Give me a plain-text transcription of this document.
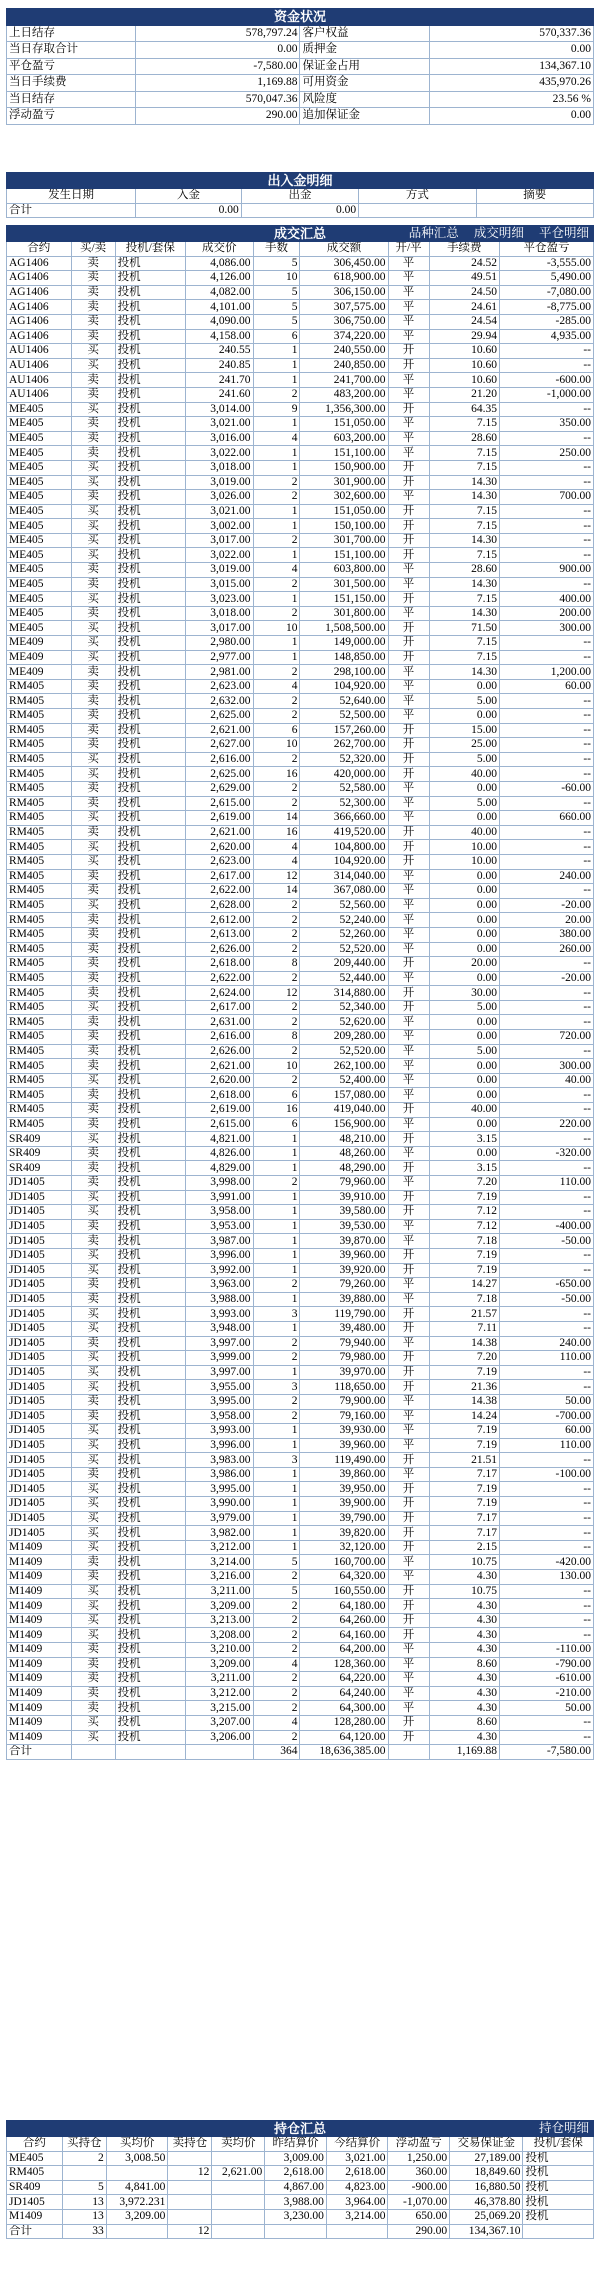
资金状况			
上日结存	578,797.24	客户权益	570,337.36
当日存取合计	0.00	质押金	0.00
平仓盈亏	-7,580.00	保证金占用	134,367.10
当日手续费	1,169.88	可用资金	435,970.26
当日结存	570,047.36	风险度	23.56 %
浮动盈亏	290.00	追加保证金	0.00
出入金明细				
发生日期	入金	出金	方式	摘要
合计	0.00	0.00		
成交汇总 品种汇总 成交明细 平仓明细								

合约	买/卖	投机/套保	成交价	手数	成交额	开/平	手续费	平仓盈亏
AG1406	卖	投机	4,086.00	5	306,450.00	平	24.52	-3,555.00
AG1406	卖	投机	4,126.00	10	618,900.00	平	49.51	5,490.00
AG1406	卖	投机	4,082.00	5	306,150.00	平	24.50	-7,080.00
AG1406	卖	投机	4,101.00	5	307,575.00	平	24.61	-8,775.00
AG1406	卖	投机	4,090.00	5	306,750.00	平	24.54	-285.00
AG1406	卖	投机	4,158.00	6	374,220.00	平	29.94	4,935.00
AU1406	买	投机	240.55	1	240,550.00	开	10.60	--
AU1406	买	投机	240.85	1	240,850.00	开	10.60	--
AU1406	卖	投机	241.70	1	241,700.00	平	10.60	-600.00
AU1406	卖	投机	241.60	2	483,200.00	平	21.20	-1,000.00
ME405	买	投机	3,014.00	9	1,356,300.00	开	64.35	--
ME405	卖	投机	3,021.00	1	151,050.00	平	7.15	350.00
ME405	卖	投机	3,016.00	4	603,200.00	平	28.60	--
ME405	卖	投机	3,022.00	1	151,100.00	平	7.15	250.00
ME405	买	投机	3,018.00	1	150,900.00	开	7.15	--
ME405	买	投机	3,019.00	2	301,900.00	开	14.30	--
ME405	卖	投机	3,026.00	2	302,600.00	平	14.30	700.00
ME405	买	投机	3,021.00	1	151,050.00	开	7.15	--
ME405	买	投机	3,002.00	1	150,100.00	开	7.15	--
ME405	买	投机	3,017.00	2	301,700.00	开	14.30	--
ME405	买	投机	3,022.00	1	151,100.00	开	7.15	--
ME405	卖	投机	3,019.00	4	603,800.00	平	28.60	900.00
ME405	卖	投机	3,015.00	2	301,500.00	平	14.30	--
ME405	买	投机	3,023.00	1	151,150.00	开	7.15	400.00
ME405	卖	投机	3,018.00	2	301,800.00	平	14.30	200.00
ME405	买	投机	3,017.00	10	1,508,500.00	开	71.50	300.00
ME409	买	投机	2,980.00	1	149,000.00	开	7.15	--
ME409	买	投机	2,977.00	1	148,850.00	开	7.15	--
ME409	卖	投机	2,981.00	2	298,100.00	平	14.30	1,200.00
RM405	卖	投机	2,623.00	4	104,920.00	平	0.00	60.00
RM405	卖	投机	2,632.00	2	52,640.00	平	5.00	--
RM405	卖	投机	2,625.00	2	52,500.00	平	0.00	--
RM405	卖	投机	2,621.00	6	157,260.00	开	15.00	--
RM405	卖	投机	2,627.00	10	262,700.00	开	25.00	--
RM405	买	投机	2,616.00	2	52,320.00	开	5.00	--
RM405	买	投机	2,625.00	16	420,000.00	开	40.00	--
RM405	卖	投机	2,629.00	2	52,580.00	平	0.00	-60.00
RM405	卖	投机	2,615.00	2	52,300.00	平	5.00	--
RM405	买	投机	2,619.00	14	366,660.00	平	0.00	660.00
RM405	卖	投机	2,621.00	16	419,520.00	开	40.00	--
RM405	买	投机	2,620.00	4	104,800.00	开	10.00	--
RM405	买	投机	2,623.00	4	104,920.00	开	10.00	--
RM405	卖	投机	2,617.00	12	314,040.00	平	0.00	240.00
RM405	卖	投机	2,622.00	14	367,080.00	平	0.00	--
RM405	买	投机	2,628.00	2	52,560.00	平	0.00	-20.00
RM405	卖	投机	2,612.00	2	52,240.00	平	0.00	20.00
RM405	卖	投机	2,613.00	2	52,260.00	平	0.00	380.00
RM405	卖	投机	2,626.00	2	52,520.00	平	0.00	260.00
RM405	卖	投机	2,618.00	8	209,440.00	开	20.00	--
RM405	卖	投机	2,622.00	2	52,440.00	平	0.00	-20.00
RM405	卖	投机	2,624.00	12	314,880.00	开	30.00	--
RM405	买	投机	2,617.00	2	52,340.00	开	5.00	--
RM405	卖	投机	2,631.00	2	52,620.00	平	0.00	--
RM405	卖	投机	2,616.00	8	209,280.00	平	0.00	720.00
RM405	卖	投机	2,626.00	2	52,520.00	平	5.00	--
RM405	卖	投机	2,621.00	10	262,100.00	平	0.00	300.00
RM405	买	投机	2,620.00	2	52,400.00	平	0.00	40.00
RM405	卖	投机	2,618.00	6	157,080.00	平	0.00	--
RM405	卖	投机	2,619.00	16	419,040.00	开	40.00	--
RM405	卖	投机	2,615.00	6	156,900.00	平	0.00	220.00
SR409	买	投机	4,821.00	1	48,210.00	开	3.15	--
SR409	卖	投机	4,826.00	1	48,260.00	平	0.00	-320.00
SR409	卖	投机	4,829.00	1	48,290.00	开	3.15	--
JD1405	卖	投机	3,998.00	2	79,960.00	平	7.20	110.00
JD1405	买	投机	3,991.00	1	39,910.00	开	7.19	--
JD1405	买	投机	3,958.00	1	39,580.00	开	7.12	--
JD1405	卖	投机	3,953.00	1	39,530.00	平	7.12	-400.00
JD1405	卖	投机	3,987.00	1	39,870.00	平	7.18	-50.00
JD1405	买	投机	3,996.00	1	39,960.00	开	7.19	--
JD1405	买	投机	3,992.00	1	39,920.00	开	7.19	--
JD1405	卖	投机	3,963.00	2	79,260.00	平	14.27	-650.00
JD1405	卖	投机	3,988.00	1	39,880.00	平	7.18	-50.00
JD1405	买	投机	3,993.00	3	119,790.00	开	21.57	--
JD1405	买	投机	3,948.00	1	39,480.00	开	7.11	--
JD1405	卖	投机	3,997.00	2	79,940.00	平	14.38	240.00
JD1405	买	投机	3,999.00	2	79,980.00	开	7.20	110.00
JD1405	买	投机	3,997.00	1	39,970.00	开	7.19	--
JD1405	买	投机	3,955.00	3	118,650.00	开	21.36	--
JD1405	卖	投机	3,995.00	2	79,900.00	平	14.38	50.00
JD1405	卖	投机	3,958.00	2	79,160.00	平	14.24	-700.00
JD1405	买	投机	3,993.00	1	39,930.00	平	7.19	60.00
JD1405	买	投机	3,996.00	1	39,960.00	平	7.19	110.00
JD1405	买	投机	3,983.00	3	119,490.00	开	21.51	--
JD1405	卖	投机	3,986.00	1	39,860.00	平	7.17	-100.00
JD1405	买	投机	3,995.00	1	39,950.00	开	7.19	--
JD1405	买	投机	3,990.00	1	39,900.00	开	7.19	--
JD1405	买	投机	3,979.00	1	39,790.00	开	7.17	--
JD1405	买	投机	3,982.00	1	39,820.00	开	7.17	--
M1409	买	投机	3,212.00	1	32,120.00	开	2.15	--
M1409	卖	投机	3,214.00	5	160,700.00	平	10.75	-420.00
M1409	卖	投机	3,216.00	2	64,320.00	平	4.30	130.00
M1409	买	投机	3,211.00	5	160,550.00	开	10.75	--
M1409	买	投机	3,209.00	2	64,180.00	开	4.30	--
M1409	买	投机	3,213.00	2	64,260.00	开	4.30	--
M1409	买	投机	3,208.00	2	64,160.00	开	4.30	--
M1409	卖	投机	3,210.00	2	64,200.00	平	4.30	-110.00
M1409	卖	投机	3,209.00	4	128,360.00	平	8.60	-790.00
M1409	卖	投机	3,211.00	2	64,220.00	平	4.30	-610.00
M1409	卖	投机	3,212.00	2	64,240.00	平	4.30	-210.00
M1409	卖	投机	3,215.00	2	64,300.00	平	4.30	50.00
M1409	买	投机	3,207.00	4	128,280.00	开	8.60	--
M1409	买	投机	3,206.00	2	64,120.00	开	4.30	--
合计				364	18,636,385.00		1,169.88	-7,580.00
持仓汇总 持仓明细									

合约	买持仓	买均价	卖持仓	卖均价	昨结算价	今结算价	浮动盈亏	交易保证金	投机/套保
ME405	2	3,008.50			3,009.00	3,021.00	1,250.00	27,189.00	投机
RM405			12	2,621.00	2,618.00	2,618.00	360.00	18,849.60	投机
SR409	5	4,841.00			4,867.00	4,823.00	-900.00	16,880.50	投机
JD1405	13	3,972.231			3,988.00	3,964.00	-1,070.00	46,378.80	投机
M1409	13	3,209.00			3,230.00	3,214.00	650.00	25,069.20	投机
合计	33		12				290.00	134,367.10	
